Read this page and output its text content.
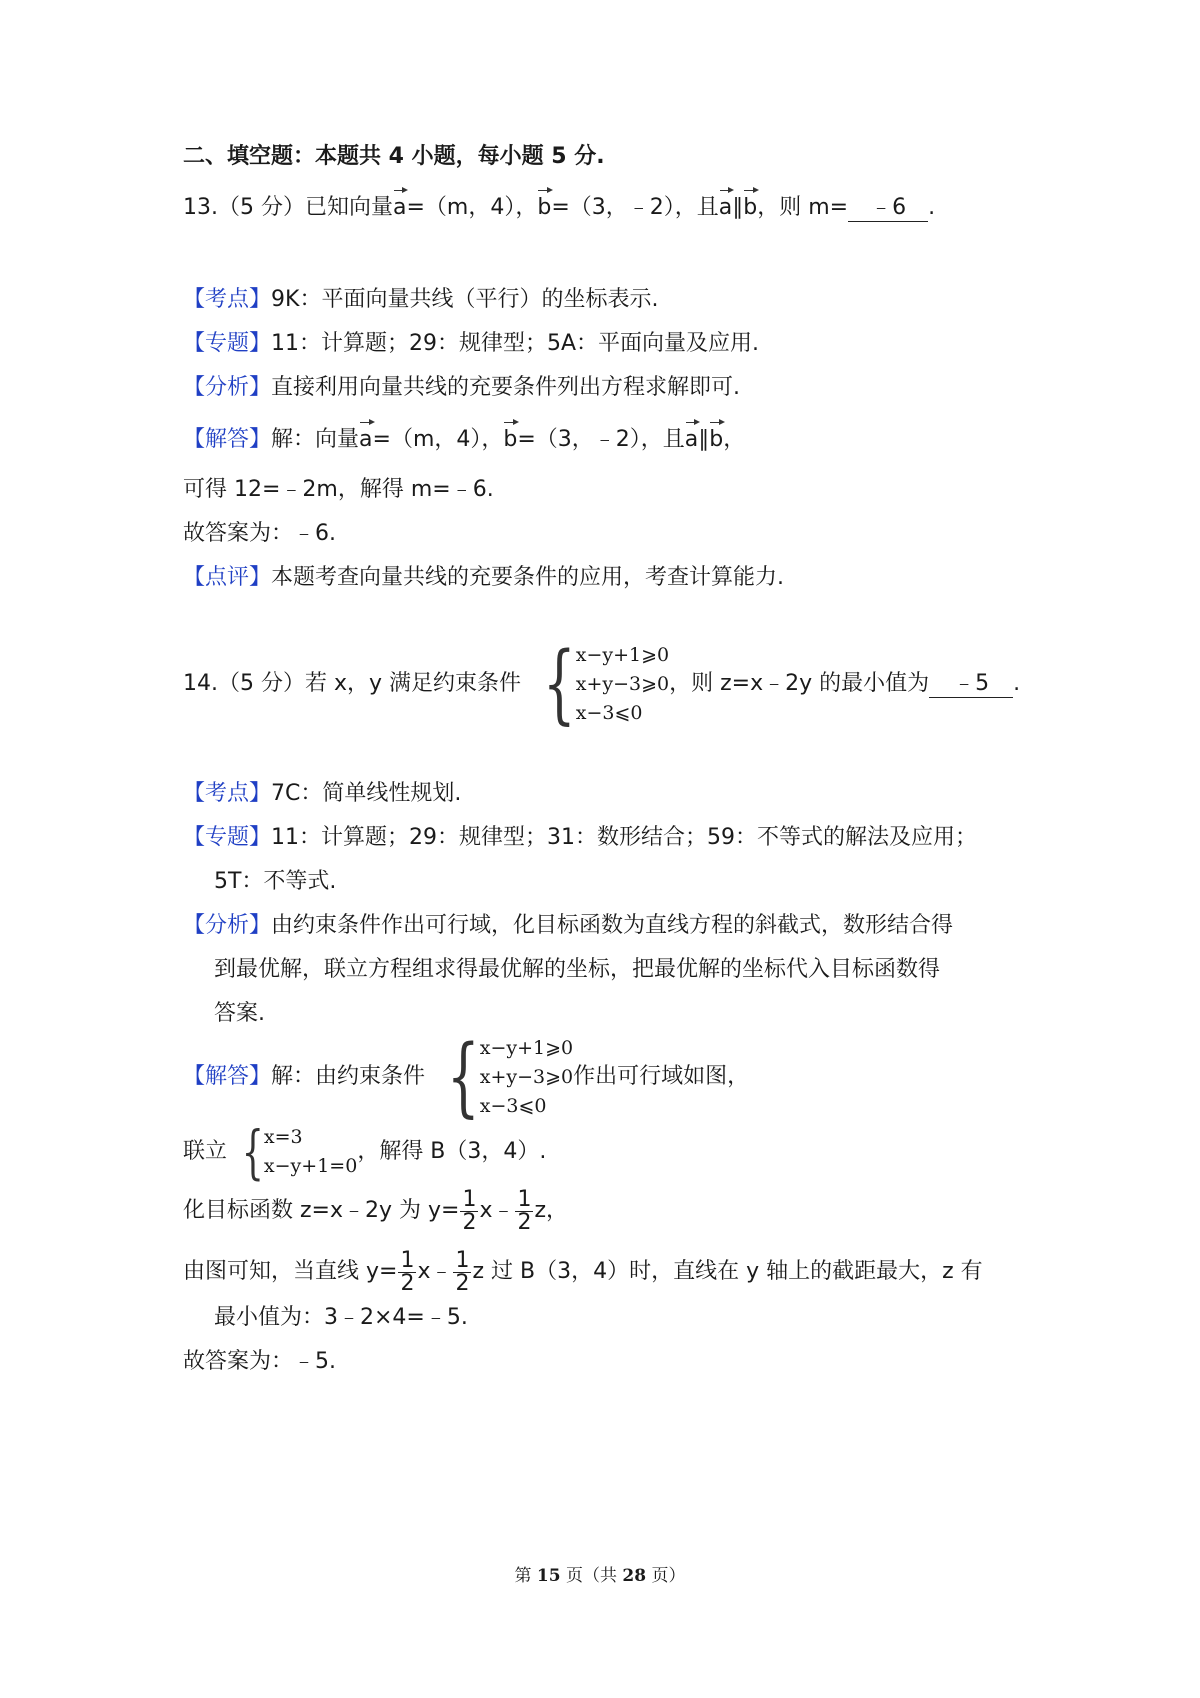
二、填空题：本题共 4 小题，每小题 5 分.
13.（5 分）已知向量a=（m，4），b=（3，﹣2），且a∥b，则 m= ﹣6 .
【考点】9K：平面向量共线（平行）的坐标表示.
【专题】11：计算题；29：规律型；5A：平面向量及应用.
【分析】直接利用向量共线的充要条件列出方程求解即可.
【解答】解：向量a=（m，4），b=（3，﹣2），且a∥b，
可得 12=﹣2m，解得 m=﹣6.
故答案为：﹣6.
【点评】本题考查向量共线的充要条件的应用，考查计算能力.
14.（5 分）若 x，y 满足约束条件 { x−y+1⩾0
x+y−3⩾0
x−3⩽0
，则 z=x﹣2y 的最小值为	﹣5	.
【考点】7C：简单线性规划.
【专题】11：计算题；29：规律型；31：数形结合；59：不等式的解法及应用；
5T：不等式.
【分析】由约束条件作出可行域，化目标函数为直线方程的斜截式，数形结合得
到最优解，联立方程组求得最优解的坐标，把最优解的坐标代入目标函数得
答案.
【解答】 解：由约束条件 { x−y+1⩾0
x+y−3⩾0
x−3⩽0
作出可行域如图，
联立 { x=3
x−y+1=0
，解得 B（3，4）.
化目标函数 z=x﹣2y 为 $y= \frac{1}{2}$ x﹣ $\frac{1}{2}$ z，
由图可知，当直线 $y= \frac{1}{2}$ x﹣ $\frac{1}{2}$ z 过 B（3，4）时，直线在 y 轴上的截距最大，z 有
最小值为：3﹣2×4=﹣5.
故答案为：﹣5.
第 15 页（共 28 页）
